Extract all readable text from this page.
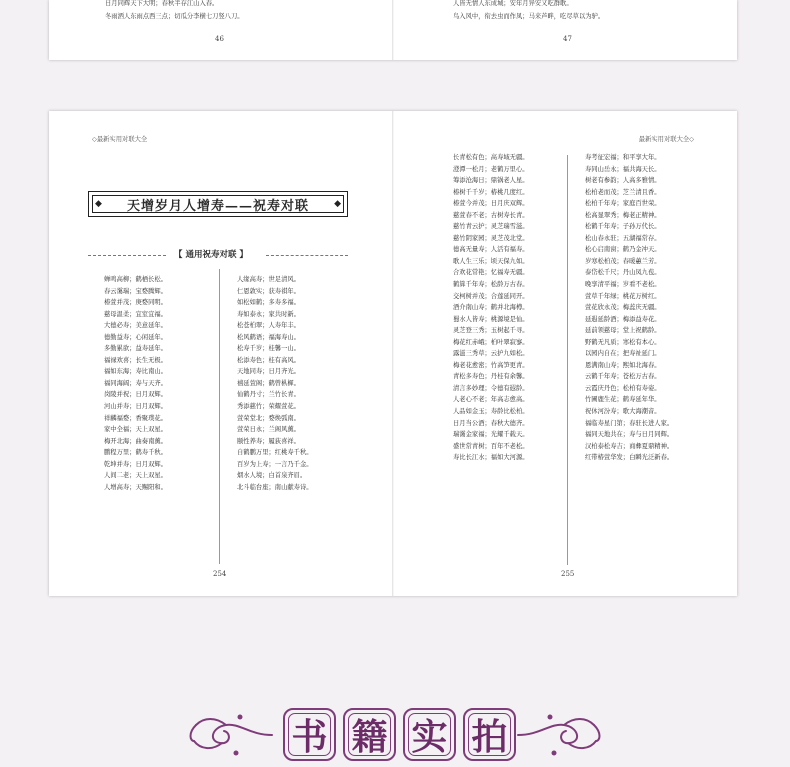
日月同辉天下大明；春秋半存江山入春。
冬雨洒人东雨点西三点；切瓜分李横七刀竖八刀。
46
人皆无情人东成城；安年月异安又吃群歌。
鸟入风中，衔去虫而作凤；马来芦畔，吃尽草以为驴。
47
◇最新实用对联大全	最新实用对联大全◇
◆ 天增岁月人增寿——祝寿对联	◆
【 通用祝寿对联 】
蝉鸣高柳；鹤栖长松。
春云霭瑞；宝婺腾辉。
椿萱并茂；庚婺同明。
慈母温柔；宜室宜福。
大德必寿；美意延年。
德勤益寿；心闲延年。
多勤累欲；益寿延年。
福禄欢喜；长生无极。
福如东海；寿比南山。
福同海阔；寿与天齐。
岗陵并祝；日月双辉。
河山并寿；日月双辉。
祥麟福婺；香聚璞花。
家中全福；天上双星。
梅开北海；曲奏南薰。
鹏程万里；鹤寿千秋。
乾坤并寿；日月双辉。
人间二老；天上双星。
人增高寿；天赐阳和。
人缘高寿；世足清风。
仁恩敦实；获寿祺年。
如松如鹤；多寿多福。
寿如泰永；家共时新。
松苍柏翠；人寿年丰。
松风鹤语；福海寿山。
松寿千岁；桂馨一山。
松添寿色；桂有高风。
天地同寿；日月齐光。
禧延萱阁；鹤曾枞樨。
仙鹤丹寸；兰竹长青。
秀添慈竹；荣耀萱花。
萱荣堂北；婺焕弧南。
萱荣日永；兰阁风薰。
颐性养寿；履荻喜祥。
自鹤鹏万里；红桃寿千秋。
百岁为上寿；一言乃千金。
烟水人境；白首泉齐眉。
北斗临台座；南山献寿诗。
254
长青松有色；高寿域无疆。
澄潭一松月；老鹤万里心。
筹添沧海日；鼎锅老人星。
椿树千千岁；椿桃几度红。
椿萱今并茂；日月庆双辉。
慈萱春不老；古树寿长青。
慈竹青云护；灵芝瑞雪滋。
慈竹阴家园；灵芝茂北堂。
德高无量寿；人活有福寿。
歌人生三乐；顷天保九如。
合欢花常艳；忆福寿无疆。
鹤算千年寿；松龄万古春。
交柯树并茂；合莲延同开。
酒介南山寿；鹤并北海樽。
蜀水人皆寿；桃源境是仙。
灵芝登三秀；玉树起千寻。
梅花红赤峨；柏叶翠寂寥。
露滋三秀草；云护九如松。
梅老花愈密；竹高笋更青。
青松多寿色；丹桂有余馨。
清言多妙理；令德有遐龄。
人老心不老；年高志愈高。
人品如金玉；寿龄比松柏。
日月当公酒；春秋大德齐。
瑞霭金家福；光耀千载天。
盛世常青树；百年不老松。
寿比长江水；福如大河源。
寿考征宏福；和平享大年。
寿同山岳永；福共海天长。
树老有参韵；人高多雅情。
松柏老而茂；芝兰清且香。
松柏千年寿；家庭百世荣。
松高显翠秀；梅老正精神。
松鹤千年寿；子孙万代长。
松山春永驻；五湖福常存。
松心启南窗；鹤乃金冲天。
岁寒松柏茂；春暖蕙兰芳。
泰岱松千尺；丹山凤九苞。
晚享清平福；岁看不老松。
萱草千年绿；桃花万树红。
萱花欣永茂；梅蕊庆无疆。
延遐延龄酒；梅添益寿花。
延前领慈母；堂上祝鹤龄。
野鹤无凡质；寒松有本心。
以园内自在；把寿祉延门。
恩满南山寿；熙如北海春。
云鹤千年寿；苍松万古春。
云霞庆丹色；松柏有寿姿。
竹圃鹿生花；鹤寿延年华。
祝休河汾寿；歌大海潮音。
福临寿星门第；春驻长进人家。
福同天地共在；寿与日月同辉。
汉柏泰松寿吉；商彝夏鼎精神。
红带椿萱华发；白瞬光泛新春。
255
书 籍 实 拍
